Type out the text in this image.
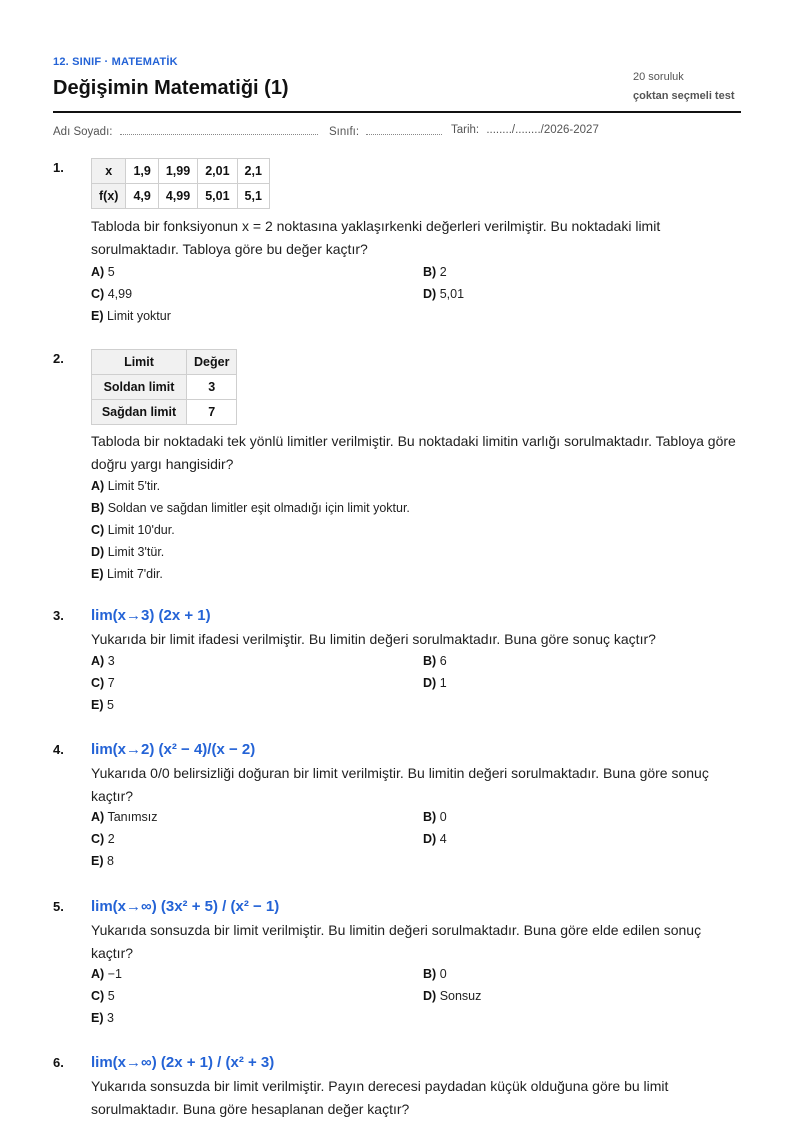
12. SINIF · MATEMATİK
Değişimin Matematiği (1)	20 soruluk
çoktan seçmeli test
Adı Soyadı:	Sınıfı:	Tarih: ......../......../2026-2027
1.	x	1,9	1,99	2,01	2,1
f(x)	4,9	4,99	5,01	5,1

Tabloda bir fonksiyonun x = 2 noktasına yaklaşırkenki değerleri verilmiştir. Bu noktadaki limit sorulmaktadır. Tabloya göre bu değer kaçtır?

A) 5	B) 2
C) 4,99	D) 5,01
E) Limit yoktur
2.	Limit	Değer
Soldan limit	3
Sağdan limit	7

Tabloda bir noktadaki tek yönlü limitler verilmiştir. Bu noktadaki limitin varlığı sorulmaktadır. Tabloya göre doğru yargı hangisidir?

A) Limit 5'tir.
B) Soldan ve sağdan limitler eşit olmadığı için limit yoktur.
C) Limit 10'dur.
D) Limit 3'tür.
E) Limit 7'dir.
3. lim(x→3) (2x + 1)

Yukarıda bir limit ifadesi verilmiştir. Bu limitin değeri sorulmaktadır. Buna göre sonuç kaçtır?

A) 3	B) 6
C) 7	D) 1
E) 5
4. lim(x→2) (x² − 4)/(x − 2)

Yukarıda 0/0 belirsizliği doğuran bir limit verilmiştir. Bu limitin değeri sorulmaktadır. Buna göre sonuç kaçtır?

A) Tanımsız	B) 0
C) 2	D) 4
E) 8
5. lim(x→∞) (3x² + 5) / (x² − 1)

Yukarıda sonsuzda bir limit verilmiştir. Bu limitin değeri sorulmaktadır. Buna göre elde edilen sonuç kaçtır?

A) −1	B) 0
C) 5	D) Sonsuz
E) 3
6. lim(x→∞) (2x + 1) / (x² + 3)

Yukarıda sonsuzda bir limit verilmiştir. Payın derecesi paydadan küçük olduğuna göre bu limit sorulmaktadır. Buna göre hesaplanan değer kaçtır?
